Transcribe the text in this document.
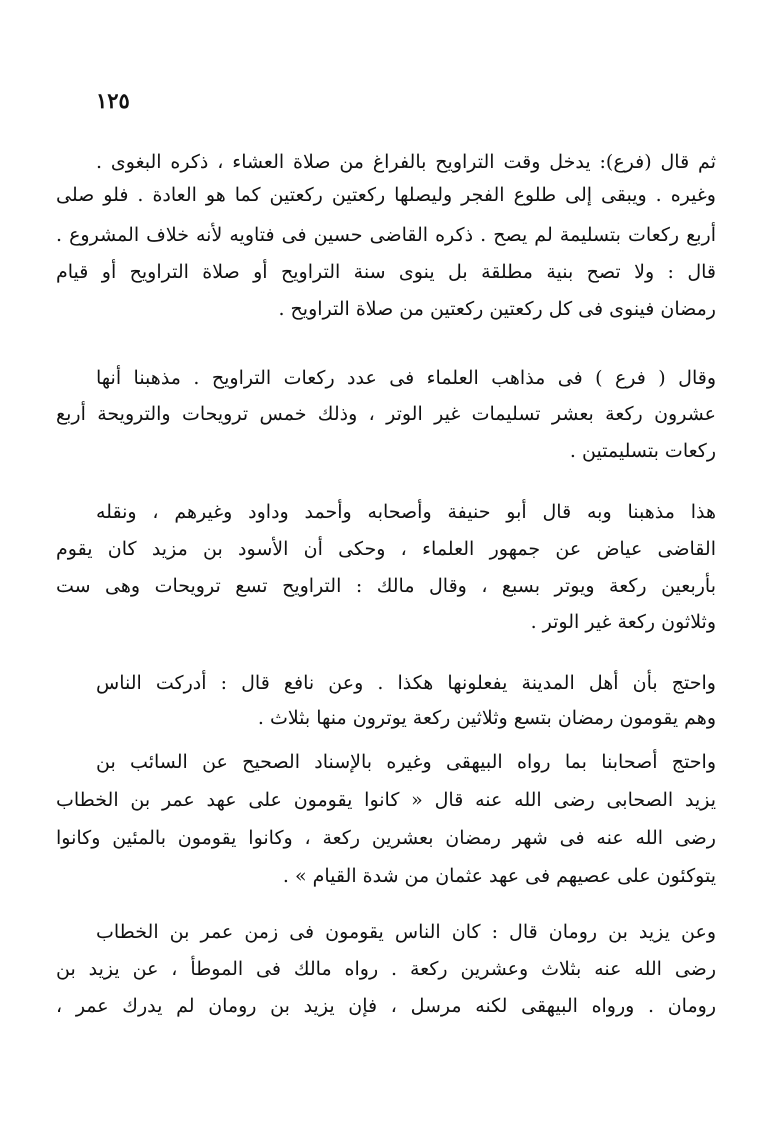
١٢٥
ثم قال (فرع): يدخل وقت التراويح بالفراغ من صلاة العشاء ، ذكره البغوى .
وغيره . ويبقى إلى طلوع الفجر وليصلها ركعتين ركعتين كما هو العادة . فلو صلى
أربع ركعات بتسليمة لم يصح . ذكره القاضى حسين فى فتاويه لأنه خلاف المشروع .
قال : ولا تصح بنية مطلقة بل ينوى سنة التراويح أو صلاة التراويح أو قيام
رمضان فينوى فى كل ركعتين ركعتين من صلاة التراويح .
وقال ( فرع ) فى مذاهب العلماء فى عدد ركعات التراويح . مذهبنا أنها
عشرون ركعة بعشر تسليمات غير الوتر ، وذلك خمس ترويحات والترويحة أربع
ركعات بتسليمتين .
هذا مذهبنا وبه قال أبو حنيفة وأصحابه وأحمد وداود وغيرهم ، ونقله
القاضى عياض عن جمهور العلماء ، وحكى أن الأسود بن مزيد كان يقوم
بأربعين ركعة ويوتر بسبع ، وقال مالك : التراويح تسع ترويحات وهى ست
وثلاثون ركعة غير الوتر .
واحتج بأن أهل المدينة يفعلونها هكذا . وعن نافع قال : أدركت الناس
وهم يقومون رمضان بتسع وثلاثين ركعة يوترون منها بثلاث .
واحتج أصحابنا بما رواه البيهقى وغيره بالإسناد الصحيح عن السائب بن
يزيد الصحابى رضى الله عنه قال « كانوا يقومون على عهد عمر بن الخطاب
رضى الله عنه فى شهر رمضان بعشرين ركعة ، وكانوا يقومون بالمئين وكانوا
يتوكئون على عصيهم فى عهد عثمان من شدة القيام » .
وعن يزيد بن رومان قال : كان الناس يقومون فى زمن عمر بن الخطاب
رضى الله عنه بثلاث وعشرين ركعة . رواه مالك فى الموطأ ، عن يزيد بن
رومان . ورواه البيهقى لكنه مرسل ، فإن يزيد بن رومان لم يدرك عمر ،
